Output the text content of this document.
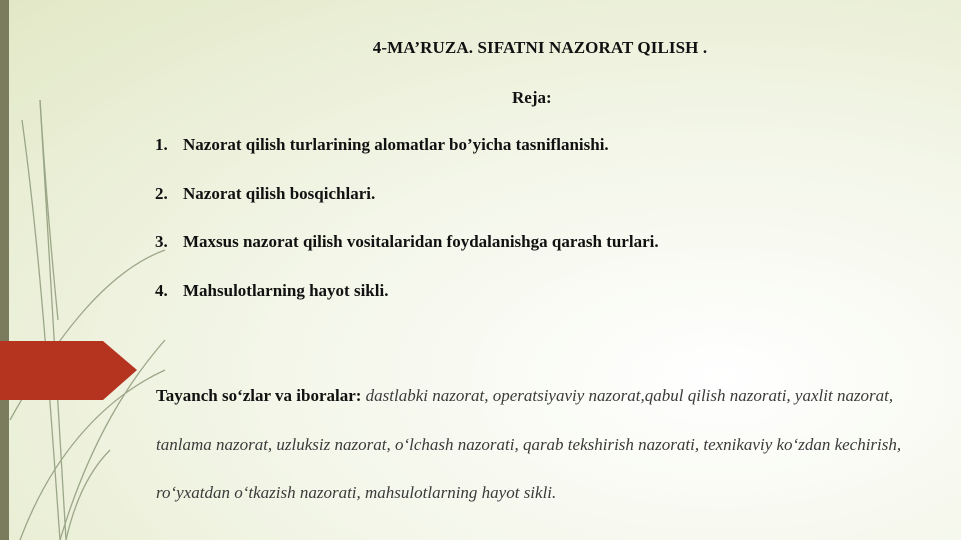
4-MA’RUZA. SIFATNI NAZORAT QILISH .
Reja:
1. Nazorat qilish turlarining alomatlar bo’yicha tasniflanishi.
2. Nazorat qilish bosqichlari.
3. Maxsus nazorat qilish vositalaridan foydalanishga qarash turlari.
4. Mahsulotlarning hayot sikli.
Tayanch so‘zlar va iboralar: dastlabki nazorat, operatsiyaviy nazorat,qabul qilish nazorati, yaxlit nazorat, tanlama nazorat, uzluksiz nazorat, o‘lchash nazorati, qarab tekshirish nazorati, texnikaviy ko‘zdan kechirish, ro‘yxatdan o‘tkazish nazorati, mahsulotlarning hayot sikli.
